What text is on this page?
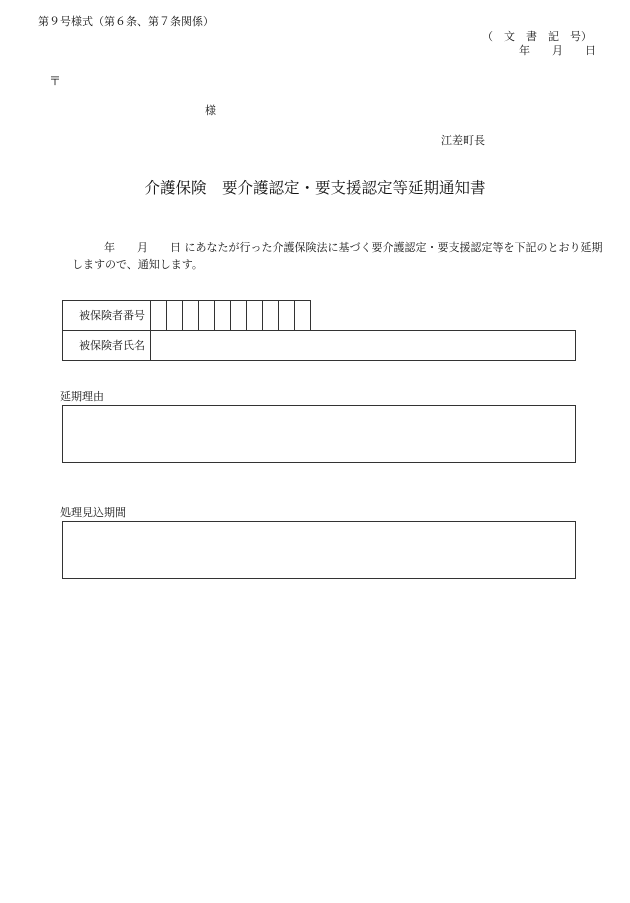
第９号様式（第６条、第７条関係）
（　文　書　記　号）
年　　月　　日
〒
様
江差町長
介護保険　要介護認定・要支援認定等延期通知書
年　　月　　日 にあなたが行った介護保険法に基づく要介護認定・要支援認定等を下記のとおり延期
しますので、通知します。
被保険者番号
被保険者氏名
延期理由
処理見込期間
